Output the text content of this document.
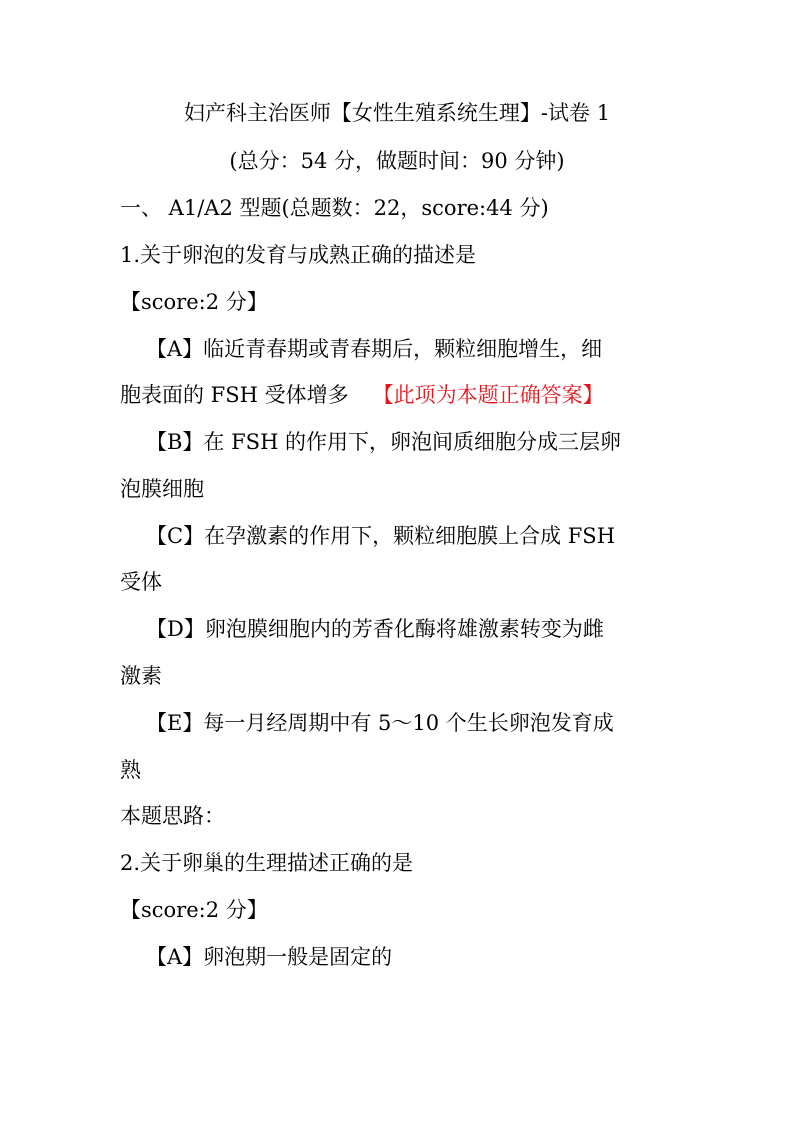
妇产科主治医师【女性生殖系统生理】-试卷 1
(总分：54 分，做题时间：90 分钟)
一、 A1/A2 型题(总题数：22，score:44 分)
1.关于卵泡的发育与成熟正确的描述是
【score:2 分】
【A】临近青春期或青春期后，颗粒细胞增生，细
胞表面的 FSH 受体增多 【此项为本题正确答案】
【B】在 FSH 的作用下，卵泡间质细胞分成三层卵
泡膜细胞
【C】在孕激素的作用下，颗粒细胞膜上合成 FSH
受体
【D】卵泡膜细胞内的芳香化酶将雄激素转变为雌
激素
【E】每一月经周期中有 5～10 个生长卵泡发育成
熟
本题思路：
2.关于卵巢的生理描述正确的是
【score:2 分】
【A】卵泡期一般是固定的
